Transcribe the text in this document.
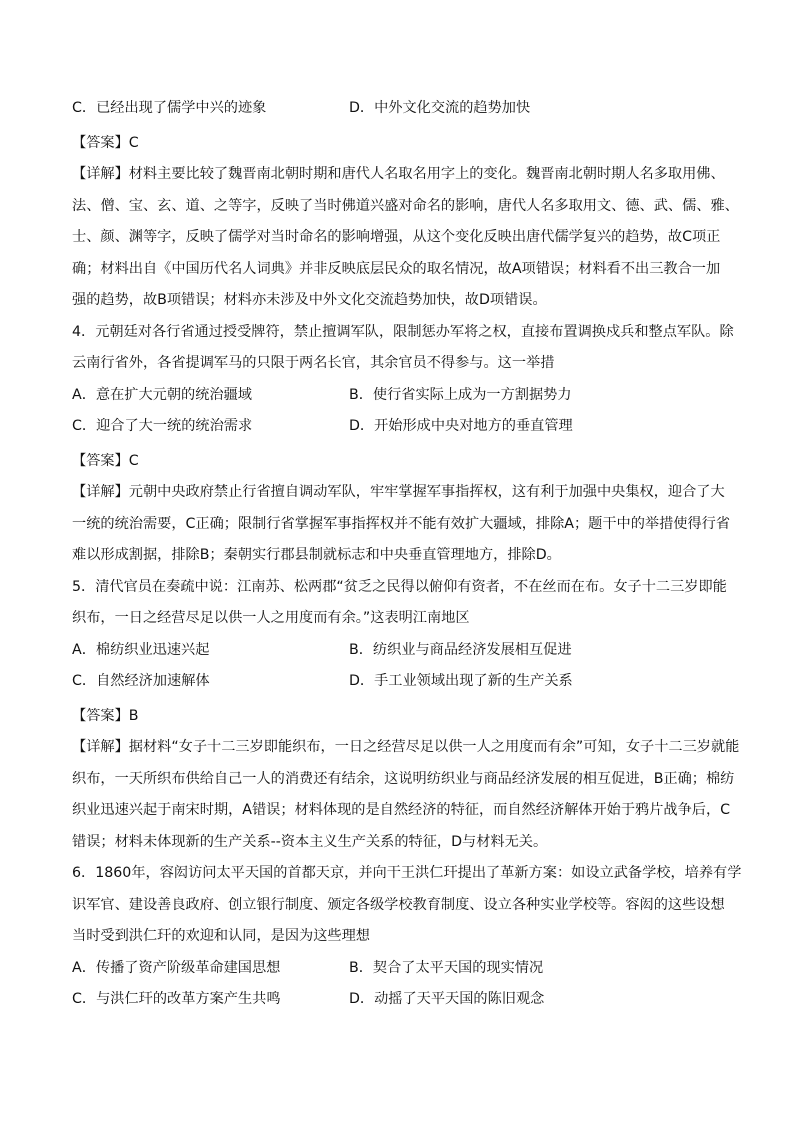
C．已经出现了儒学中兴的迹象	D．中外文化交流的趋势加快
【答案】C
【详解】材料主要比较了魏晋南北朝时期和唐代人名取名用字上的变化。魏晋南北朝时期人名多取用佛、
法、僧、宝、玄、道、之等字，反映了当时佛道兴盛对命名的影响，唐代人名多取用文、德、武、儒、雅、
士、颜、渊等字，反映了儒学对当时命名的影响增强，从这个变化反映出唐代儒学复兴的趋势，故C项正
确；材料出自《中国历代名人词典》并非反映底层民众的取名情况，故A项错误；材料看不出三教合一加
强的趋势，故B项错误；材料亦未涉及中外文化交流趋势加快，故D项错误。
4．元朝廷对各行省通过授受牌符，禁止擅调军队，限制惩办军将之权，直接布置调换戍兵和整点军队。除
云南行省外，各省提调军马的只限于两名长官，其余官员不得参与。这一举措
A．意在扩大元朝的统治疆域	B．使行省实际上成为一方割据势力
C．迎合了大一统的统治需求	D．开始形成中央对地方的垂直管理
【答案】C
【详解】元朝中央政府禁止行省擅自调动军队，牢牢掌握军事指挥权，这有利于加强中央集权，迎合了大
一统的统治需要，C正确；限制行省掌握军事指挥权并不能有效扩大疆域，排除A；题干中的举措使得行省
难以形成割据，排除B；秦朝实行郡县制就标志和中央垂直管理地方，排除D。
5．清代官员在奏疏中说：江南苏、松两郡“贫乏之民得以俯仰有资者，不在丝而在布。女子十二三岁即能
织布，一日之经营尽足以供一人之用度而有余。”这表明江南地区
A．棉纺织业迅速兴起	B．纺织业与商品经济发展相互促进
C．自然经济加速解体	D．手工业领域出现了新的生产关系
【答案】B
【详解】据材料“女子十二三岁即能织布，一日之经营尽足以供一人之用度而有余”可知，女子十二三岁就能
织布，一天所织布供给自己一人的消费还有结余，这说明纺织业与商品经济发展的相互促进，B正确；棉纺
织业迅速兴起于南宋时期，A错误；材料体现的是自然经济的特征，而自然经济解体开始于鸦片战争后，C
错误；材料未体现新的生产关系--资本主义生产关系的特征，D与材料无关。
6．1860年，容闳访问太平天国的首都天京，并向干王洪仁玕提出了革新方案：如设立武备学校，培养有学
识军官、建设善良政府、创立银行制度、颁定各级学校教育制度、设立各种实业学校等。容闳的这些设想
当时受到洪仁玕的欢迎和认同，是因为这些理想
A．传播了资产阶级革命建国思想	B．契合了太平天国的现实情况
C．与洪仁玕的改革方案产生共鸣	D．动摇了天平天国的陈旧观念
